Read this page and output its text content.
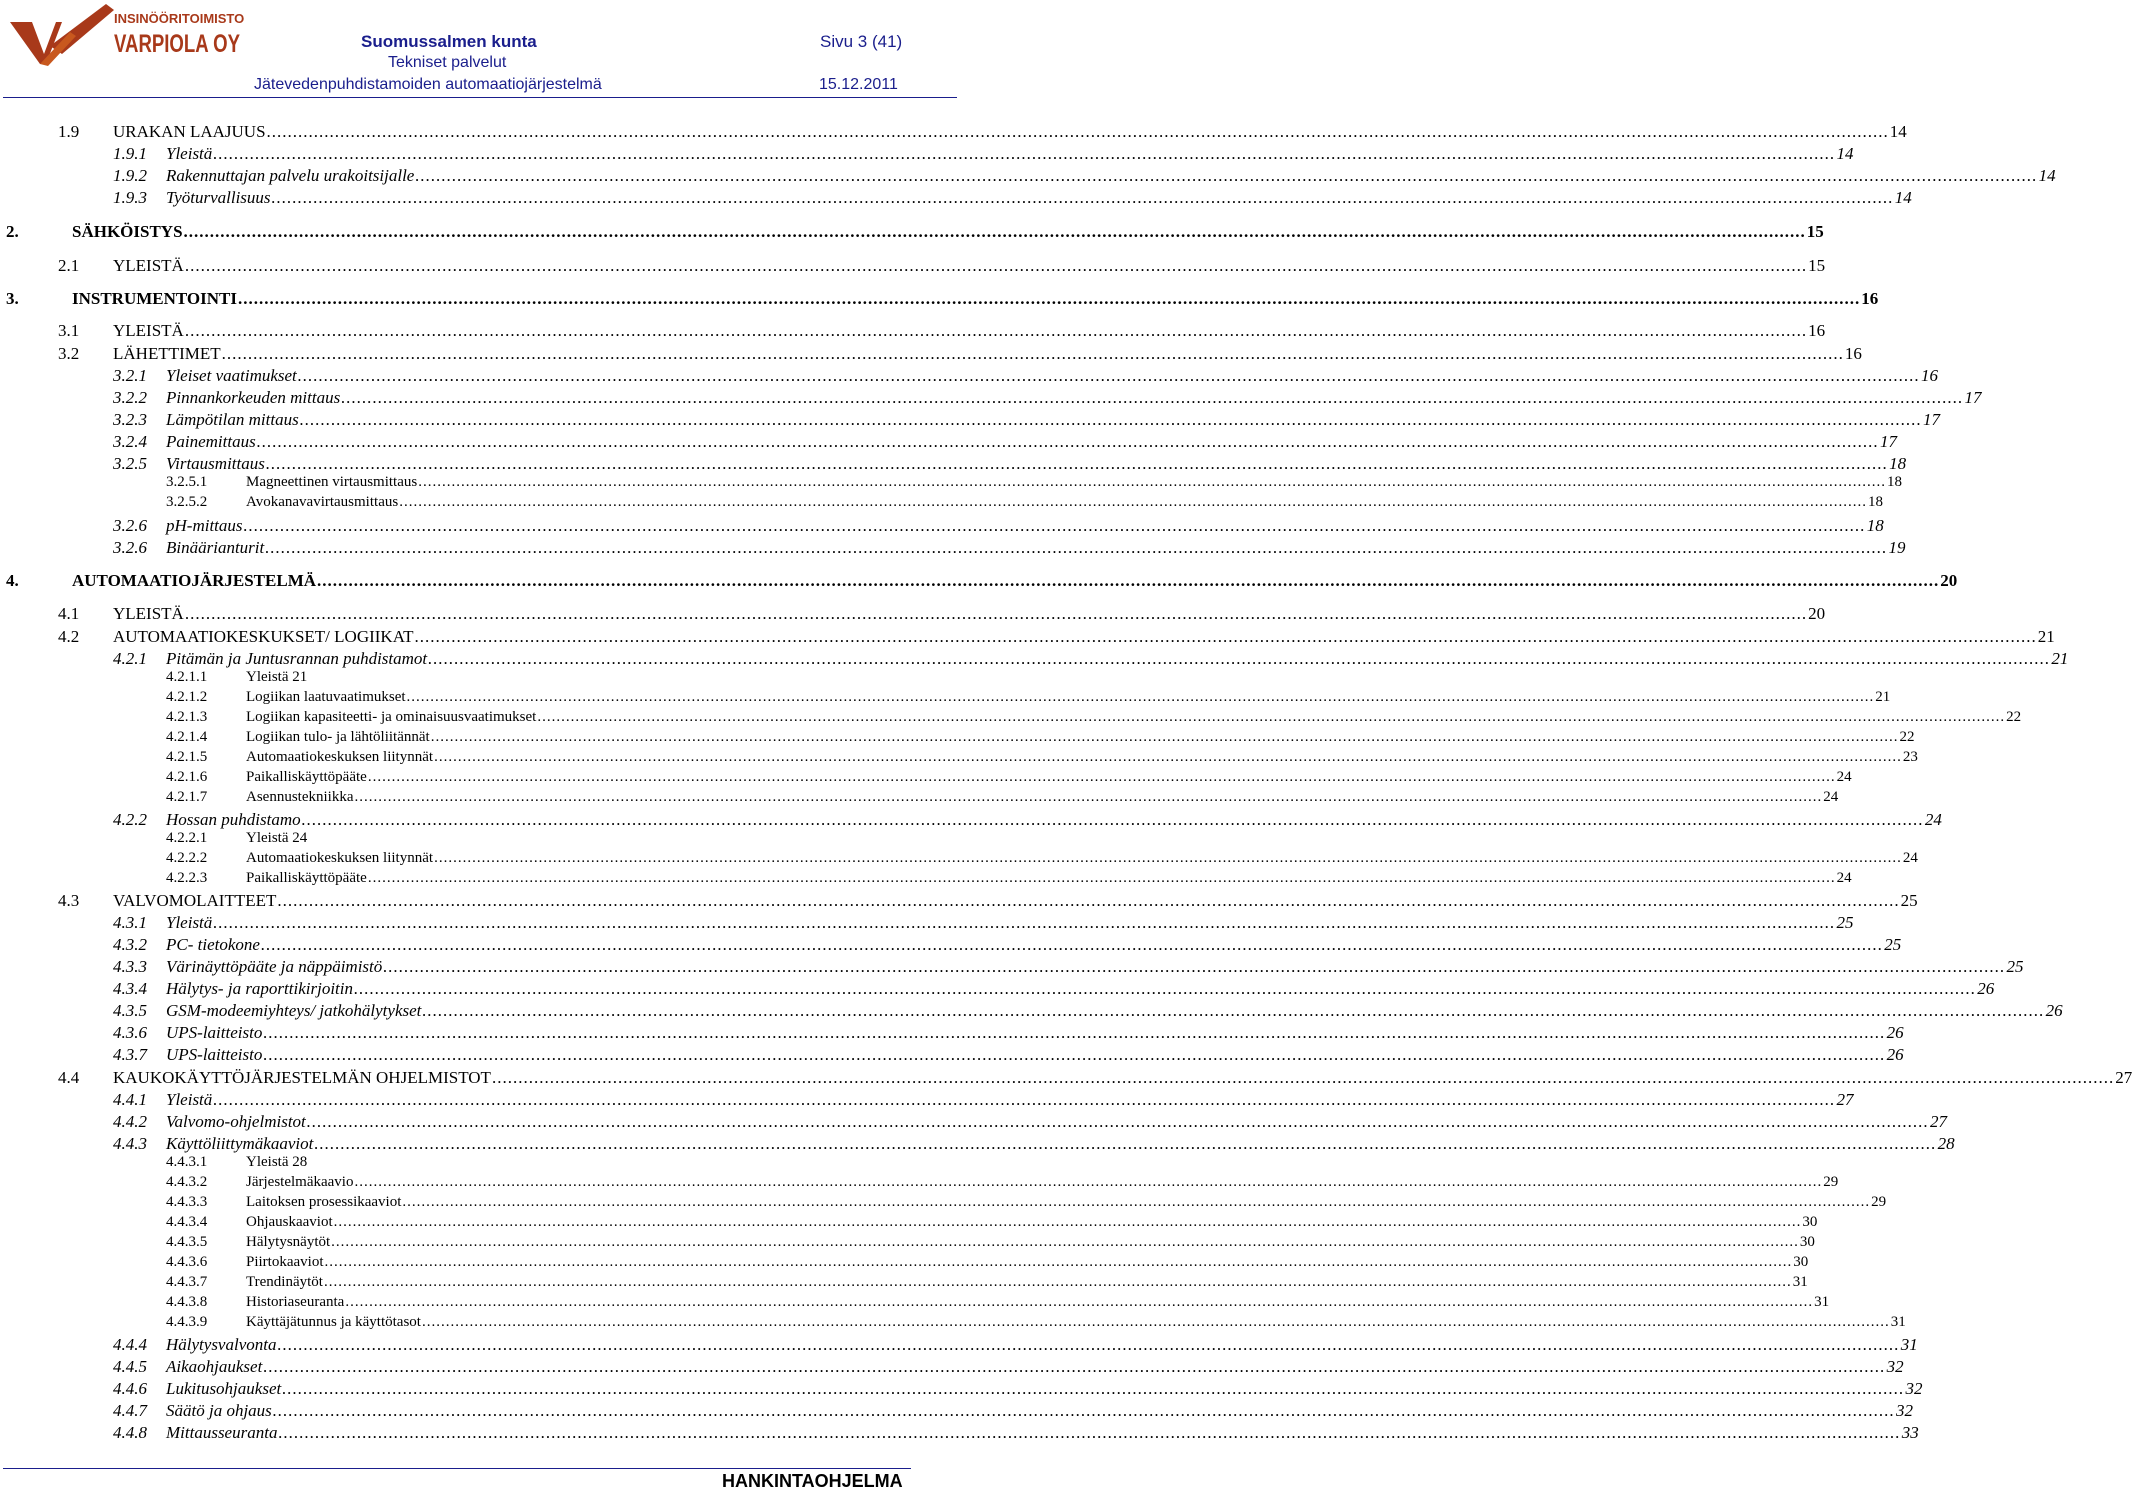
INSINÖÖRITOIMISTO
VARPIOLA OY	Suomussalmen kunta	Sivu 3 (41)
Tekniset palvelut
Jätevedenpuhdistamoiden automaatiojärjestelmä	15.12.2011
1.9 URAKAN LAAJUUS .....	14
1.9.1 Yleistä .....	14
1.9.2 Rakennuttajan palvelu urakoitsijalle .....	14
1.9.3 Työturvallisuus .....	14
2.	SÄHKÖISTYS .....	15
2.1 YLEISTÄ .....	15
3.	INSTRUMENTOINTI .....	16
3.1 YLEISTÄ .....	16
3.2 LÄHETTIMET .....	16
3.2.1 Yleiset vaatimukset .....	16
3.2.2 Pinnankorkeuden mittaus .....	17
3.2.3 Lämpötilan mittaus .....	17
3.2.4 Painemittaus .....	17
3.2.5 Virtausmittaus .....	18
3.2.5.1	Magneettinen virtausmittaus .....	18
3.2.5.2	Avokanavavirtausmittaus .....	18
3.2.6 pH-mittaus .....	18
3.2.6 Binäärianturit .....	19
4.	AUTOMAATIOJÄRJESTELMÄ .....	20
4.1 YLEISTÄ .....	20
4.2 AUTOMAATIOKESKUKSET/ LOGIIKAT .....	21
4.2.1 Pitämän ja Juntusrannan puhdistamot .....	21
4.2.1.1	Yleistä 21
4.2.1.2	Logiikan laatuvaatimukset .....	21
4.2.1.3	Logiikan kapasiteetti- ja ominaisuusvaatimukset .....	22
4.2.1.4	Logiikan tulo- ja lähtöliitännät .....	22
4.2.1.5	Automaatiokeskuksen liitynnät .....	23
4.2.1.6	Paikalliskäyttöpääte .....	24
4.2.1.7	Asennustekniikka .....	24
4.2.2 Hossan puhdistamo .....	24
4.2.2.1	Yleistä 24
4.2.2.2	Automaatiokeskuksen liitynnät .....	24
4.2.2.3	Paikalliskäyttöpääte .....	24
4.3 VALVOMOLAITTEET .....	25
4.3.1 Yleistä .....	25
4.3.2 PC- tietokone .....	25
4.3.3 Värinäyttöpääte ja näppäimistö .....	25
4.3.4 Hälytys- ja raporttikirjoitin .....	26
4.3.5 GSM-modeemiyhteys/ jatkohälytykset .....	26
4.3.6 UPS-laitteisto .....	26
4.3.7 UPS-laitteisto .....	26
4.4 KAUKOKÄYTTÖJÄRJESTELMÄN OHJELMISTOT .....	27
4.4.1 Yleistä .....	27
4.4.2 Valvomo-ohjelmistot .....	27
4.4.3 Käyttöliittymäkaaviot .....	28
4.4.3.1	Yleistä 28
4.4.3.2	Järjestelmäkaavio .....	29
4.4.3.3	Laitoksen prosessikaaviot .....	29
4.4.3.4	Ohjauskaaviot .....	30
4.4.3.5	Hälytysnäytöt .....	30
4.4.3.6	Piirtokaaviot .....	30
4.4.3.7	Trendinäytöt .....	31
4.4.3.8	Historiaseuranta .....	31
4.4.3.9	Käyttäjätunnus ja käyttötasot .....	31
4.4.4 Hälytysvalvonta .....	31
4.4.5 Aikaohjaukset .....	32
4.4.6 Lukitusohjaukset .....	32
4.4.7 Säätö ja ohjaus .....	32
4.4.8 Mittausseuranta .....	33
HANKINTAOHJELMA
